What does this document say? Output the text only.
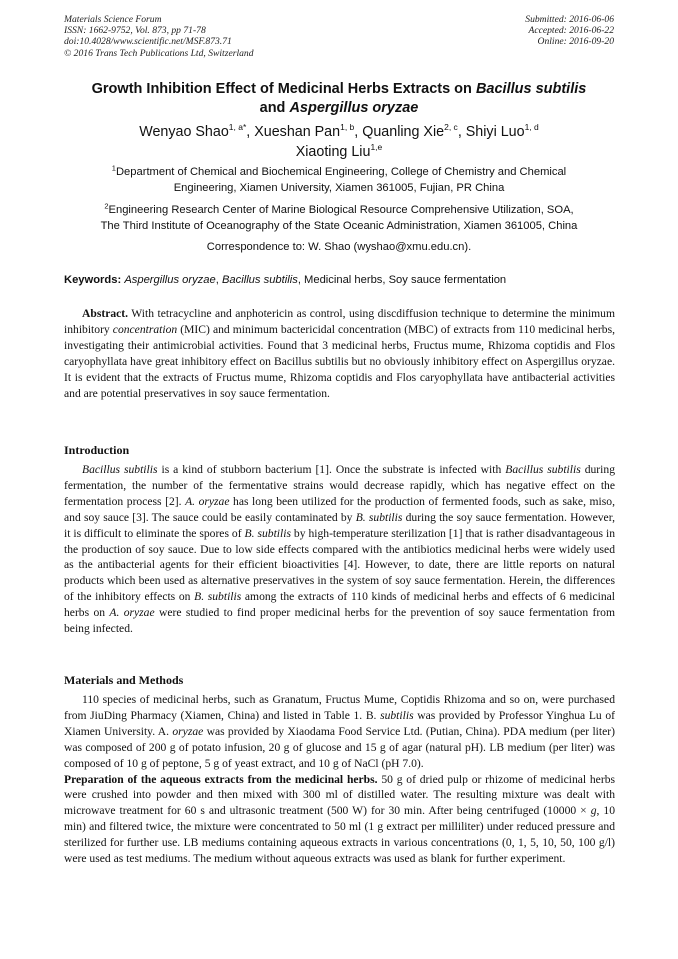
Materials Science Forum
ISSN: 1662-9752, Vol. 873, pp 71-78
doi:10.4028/www.scientific.net/MSF.873.71
© 2016 Trans Tech Publications Ltd, Switzerland
Submitted: 2016-06-06
Accepted: 2016-06-22
Online: 2016-09-20
Growth Inhibition Effect of Medicinal Herbs Extracts on Bacillus subtilis
and Aspergillus oryzae
Wenyao Shao$^{1, a*}$, Xueshan Pan$^{1, b}$, Quanling Xie$^{2, c}$, Shiyi Luo$^{1, d}$
Xiaoting Liu$^{1,e}$
$^1$Department of Chemical and Biochemical Engineering, College of Chemistry and Chemical
Engineering, Xiamen University, Xiamen 361005, Fujian, PR China
$^2$Engineering Research Center of Marine Biological Resource Comprehensive Utilization, SOA,
The Third Institute of Oceanography of the State Oceanic Administration, Xiamen 361005, China
Correspondence to: W. Shao (wyshao@xmu.edu.cn).
Keywords: Aspergillus oryzae, Bacillus subtilis, Medicinal herbs, Soy sauce fermentation

Abstract. With tetracycline and anphotericin as control, using discdiffusion technique to determine the minimum inhibitory concentration (MIC) and minimum bactericidal concentration (MBC) of extracts from 110 medicinal herbs, investigating their antimicrobial activities. Found that 3 medicinal herbs, Fructus mume, Rhizoma coptidis and Flos caryophyllata have great inhibitory effect on Bacillus subtilis but no obviously inhibitory effect on Aspergillus oryzae. It is evident that the extracts of Fructus mume, Rhizoma coptidis and Flos caryophyllata have antibacterial activities and are potential preservatives in soy sauce fermentation.

Introduction

Bacillus subtilis is a kind of stubborn bacterium [1]. Once the substrate is infected with Bacillus subtilis during fermentation, the number of the fermentative strains would decrease rapidly, which has negative effect on the fermentation process [2]. A. oryzae has long been utilized for the production of fermented foods, such as sake, miso, and soy sauce [3]. The sauce could be easily contaminated by B. subtilis during the soy sauce fermentation. However, it is difficult to eliminate the spores of B. subtilis by high-temperature sterilization [1] that is rather disadvantageous in the production of soy sauce. Due to low side effects compared with the antibiotics medicinal herbs were widely used as the antibacterial agents for their efficient bioactivities [4]. However, to date, there are little reports on natural products which been used as alternative preservatives in the system of soy sauce fermentation. Herein, the differences of the inhibitory effects on B. subtilis among the extracts of 110 kinds of medicinal herbs and effects of 6 medicinal herbs on A. oryzae were studied to find proper medicinal herbs for the prevention of soy sauce fermentation from being infected.

Materials and Methods

110 species of medicinal herbs, such as Granatum, Fructus Mume, Coptidis Rhizoma and so on, were purchased from JiuDing Pharmacy (Xiamen, China) and listed in Table 1. B. subtilis was provided by Professor Yinghua Lu of Xiamen University. A. oryzae was provided by Xiaodama Food Service Ltd. (Putian, China). PDA medium (per liter) was composed of 200 g of potato infusion, 20 g of glucose and 15 g of agar (natural pH). LB medium (per liter) was composed of 10 g of peptone, 5 g of yeast extract, and 10 g of NaCl (pH 7.0).

Preparation of the aqueous extracts from the medicinal herbs. 50 g of dried pulp or rhizome of medicinal herbs were crushed into powder and then mixed with 300 ml of distilled water. The resulting mixture was dealt with microwave treatment for 60 s and ultrasonic treatment (500 W) for 30 min. After being centrifuged (10000 × g, 10 min) and filtered twice, the mixture were concentrated to 50 ml (1 g extract per milliliter) under reduced pressure and sterilized for further use. LB mediums containing aqueous extracts in various concentrations (0, 1, 5, 10, 50, 100 g/l) were used as test mediums. The medium without aqueous extracts was used as blank for further experiment.
